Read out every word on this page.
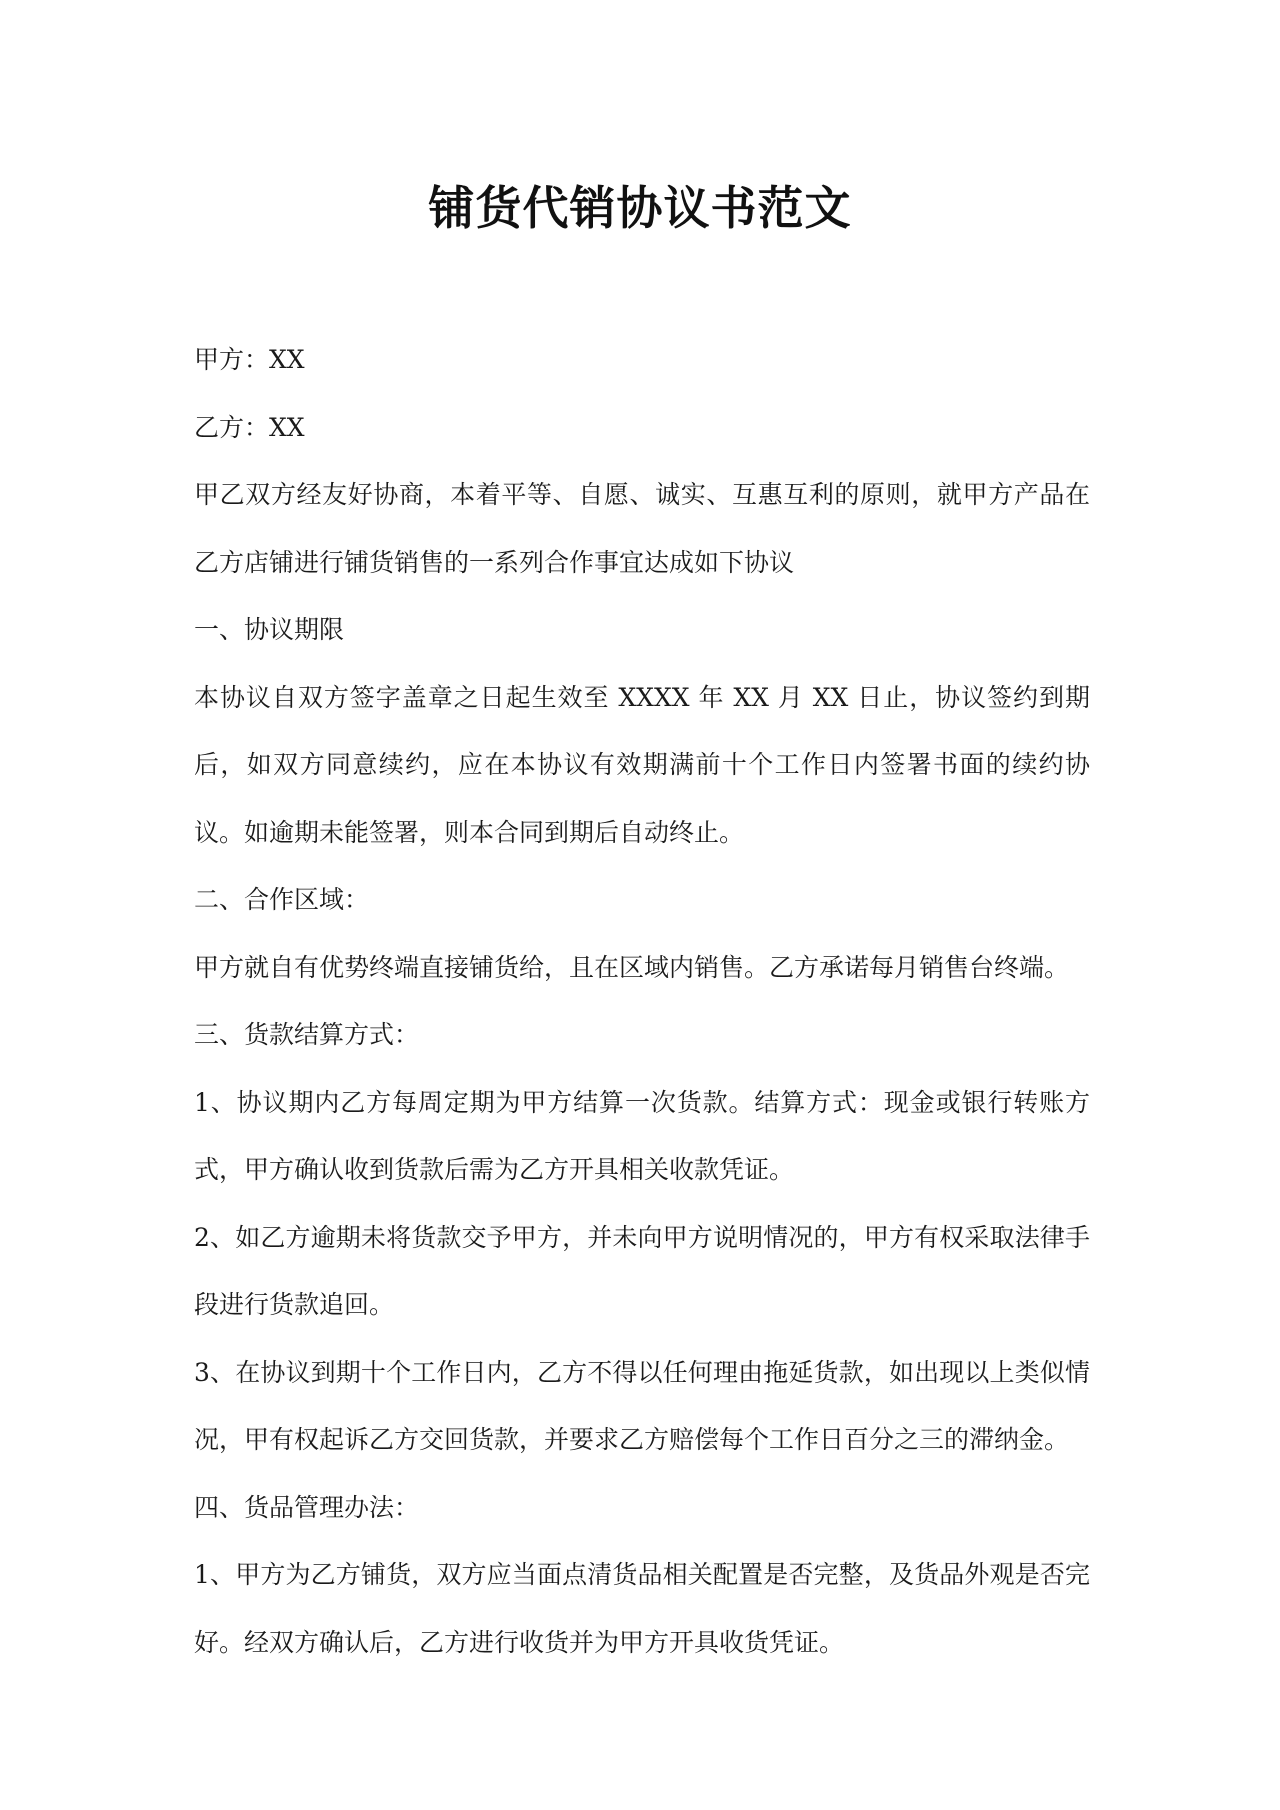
铺货代销协议书范文

甲方：XX

乙方：XX

甲乙双方经友好协商，本着平等、自愿、诚实、互惠互利的原则，就甲方产品在乙方店铺进行铺货销售的一系列合作事宜达成如下协议

一、协议期限

本协议自双方签字盖章之日起生效至 XXXX 年 XX 月 XX 日止，协议签约到期后，如双方同意续约，应在本协议有效期满前十个工作日内签署书面的续约协议。如逾期未能签署，则本合同到期后自动终止。

二、合作区域：

甲方就自有优势终端直接铺货给，且在区域内销售。乙方承诺每月销售台终端。

三、货款结算方式：

1、协议期内乙方每周定期为甲方结算一次货款。结算方式：现金或银行转账方式，甲方确认收到货款后需为乙方开具相关收款凭证。

2、如乙方逾期未将货款交予甲方，并未向甲方说明情况的，甲方有权采取法律手段进行货款追回。

3、在协议到期十个工作日内，乙方不得以任何理由拖延货款，如出现以上类似情况，甲有权起诉乙方交回货款，并要求乙方赔偿每个工作日百分之三的滞纳金。

四、货品管理办法：

1、甲方为乙方铺货，双方应当面点清货品相关配置是否完整，及货品外观是否完好。经双方确认后，乙方进行收货并为甲方开具收货凭证。
